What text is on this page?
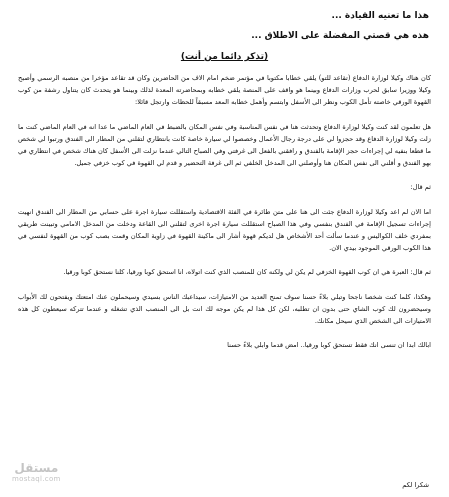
هذا ما تعنيه القيادة ...
هذه هي قصتي المفضلة على الاطلاق ...
(تذكر دائما من أنت)

كان هناك وكيلا لوزارة الدفاع (تقاعد للتو) يلقي خطابا مكتوبا في مؤتمر ضخم امام الاف من الحاضرين وكان قد تقاعد مؤخرا من منصبه الرسمي وأصبح وكيلا ووزيرا سابق لحرب وزارات الدفاع وبينما هو واقف على المنصة يلقي خطابه وبمحاضرته المعدة لذلك وبينما هو يتحدث كان يتناول رشفة من كوب القهوة الورقي خاصته تأمل الكوب ونظر الى الأسفل وابتسم وأهمل خطابه المعد مسبقاً للحظات وارتجل قائلا:

هل تعلمون لقد كنت وكيلا لوزارة الدفاع وتحدثت هنا في نفس المناسبة وفي نفس المكان بالضبط في العام الماضي ما عدا انه في العام الماضي كنت ما زلت وكيلا لوزارة الدفاع وقد حجزوا لي على درجة رجال الأعمال وخصصوا لي سيارة خاصة كانت بانتظاري لتقلني من المطار الى الفندق ورتبوا لي شخص ما قطعا بنفيه لي إجراءات حجز الإقامة بالفندق و رافقني بالفعل الى غرفتي وفي الصباح التالي عندما نزلت الى الأسفل كان هناك شخص في انتظاري في بهو الفندق و أقلني الى نفس المكان هنا وأوصلني الى المدخل الخلفي ثم الى غرفة التحضير و قدم لي القهوة في كوب خزفي جميل.

ثم قال:

اما الان لم اعد وكيلا لوزارة الدفاع جئت الى هنا على متن طائرة في الفئة الاقتصادية واستقللت سيارة اجرة على حسابي من المطار الى الفندق انهيت إجراءات تسجيل الإقامة في الفندق بنفسي وفي هذا الصباح استقللت سيارة اجرة اخرى لتقلني الى القاعة ودخلت من المدخل الامامي وتبينت طريقي بمفردي خلف الكواليس و عندما سألت أحد الأشخاص هل لديكم قهوة أشار الى ماكينة القهوة في زاوية المكان وقمت بصب كوب من القهوة لنفسي في هذا الكوب الورقي الموجود بيدي الان.

ثم قال: العبرة هي ان كوب القهوة الخزفي لم يكن لي ولكنه كان للمنصب الذي كنت اتولاه، انا استحق كوبا ورقيا، كلنا نستحق كوبا ورقيا.

وهكذا، كلما كنت شخصا ناجحا وتبلي بلاءً حسنا سوف تمنح العديد من الامتيازات، سيداعبك الناس بسيدي وسيحملون عنك امتعتك ويفتحون لك الأبواب وسيحضرون لك كوب الشاي حتى بدون ان تطلبه، لكن كل هذا لم يكن موجه لك انت بل الى المنصب الذي تشغله و عندما تتركه سيعطون كل هذه الامتيازات الى الشخص الذي سيحل مكانك.

ابالك ابدا ان تنسى انك فقط تستحق كوبا ورقيا.. امض قدما وابلي بلاءً حسنا

شكرا لكم
مستقل
mostaql.com
